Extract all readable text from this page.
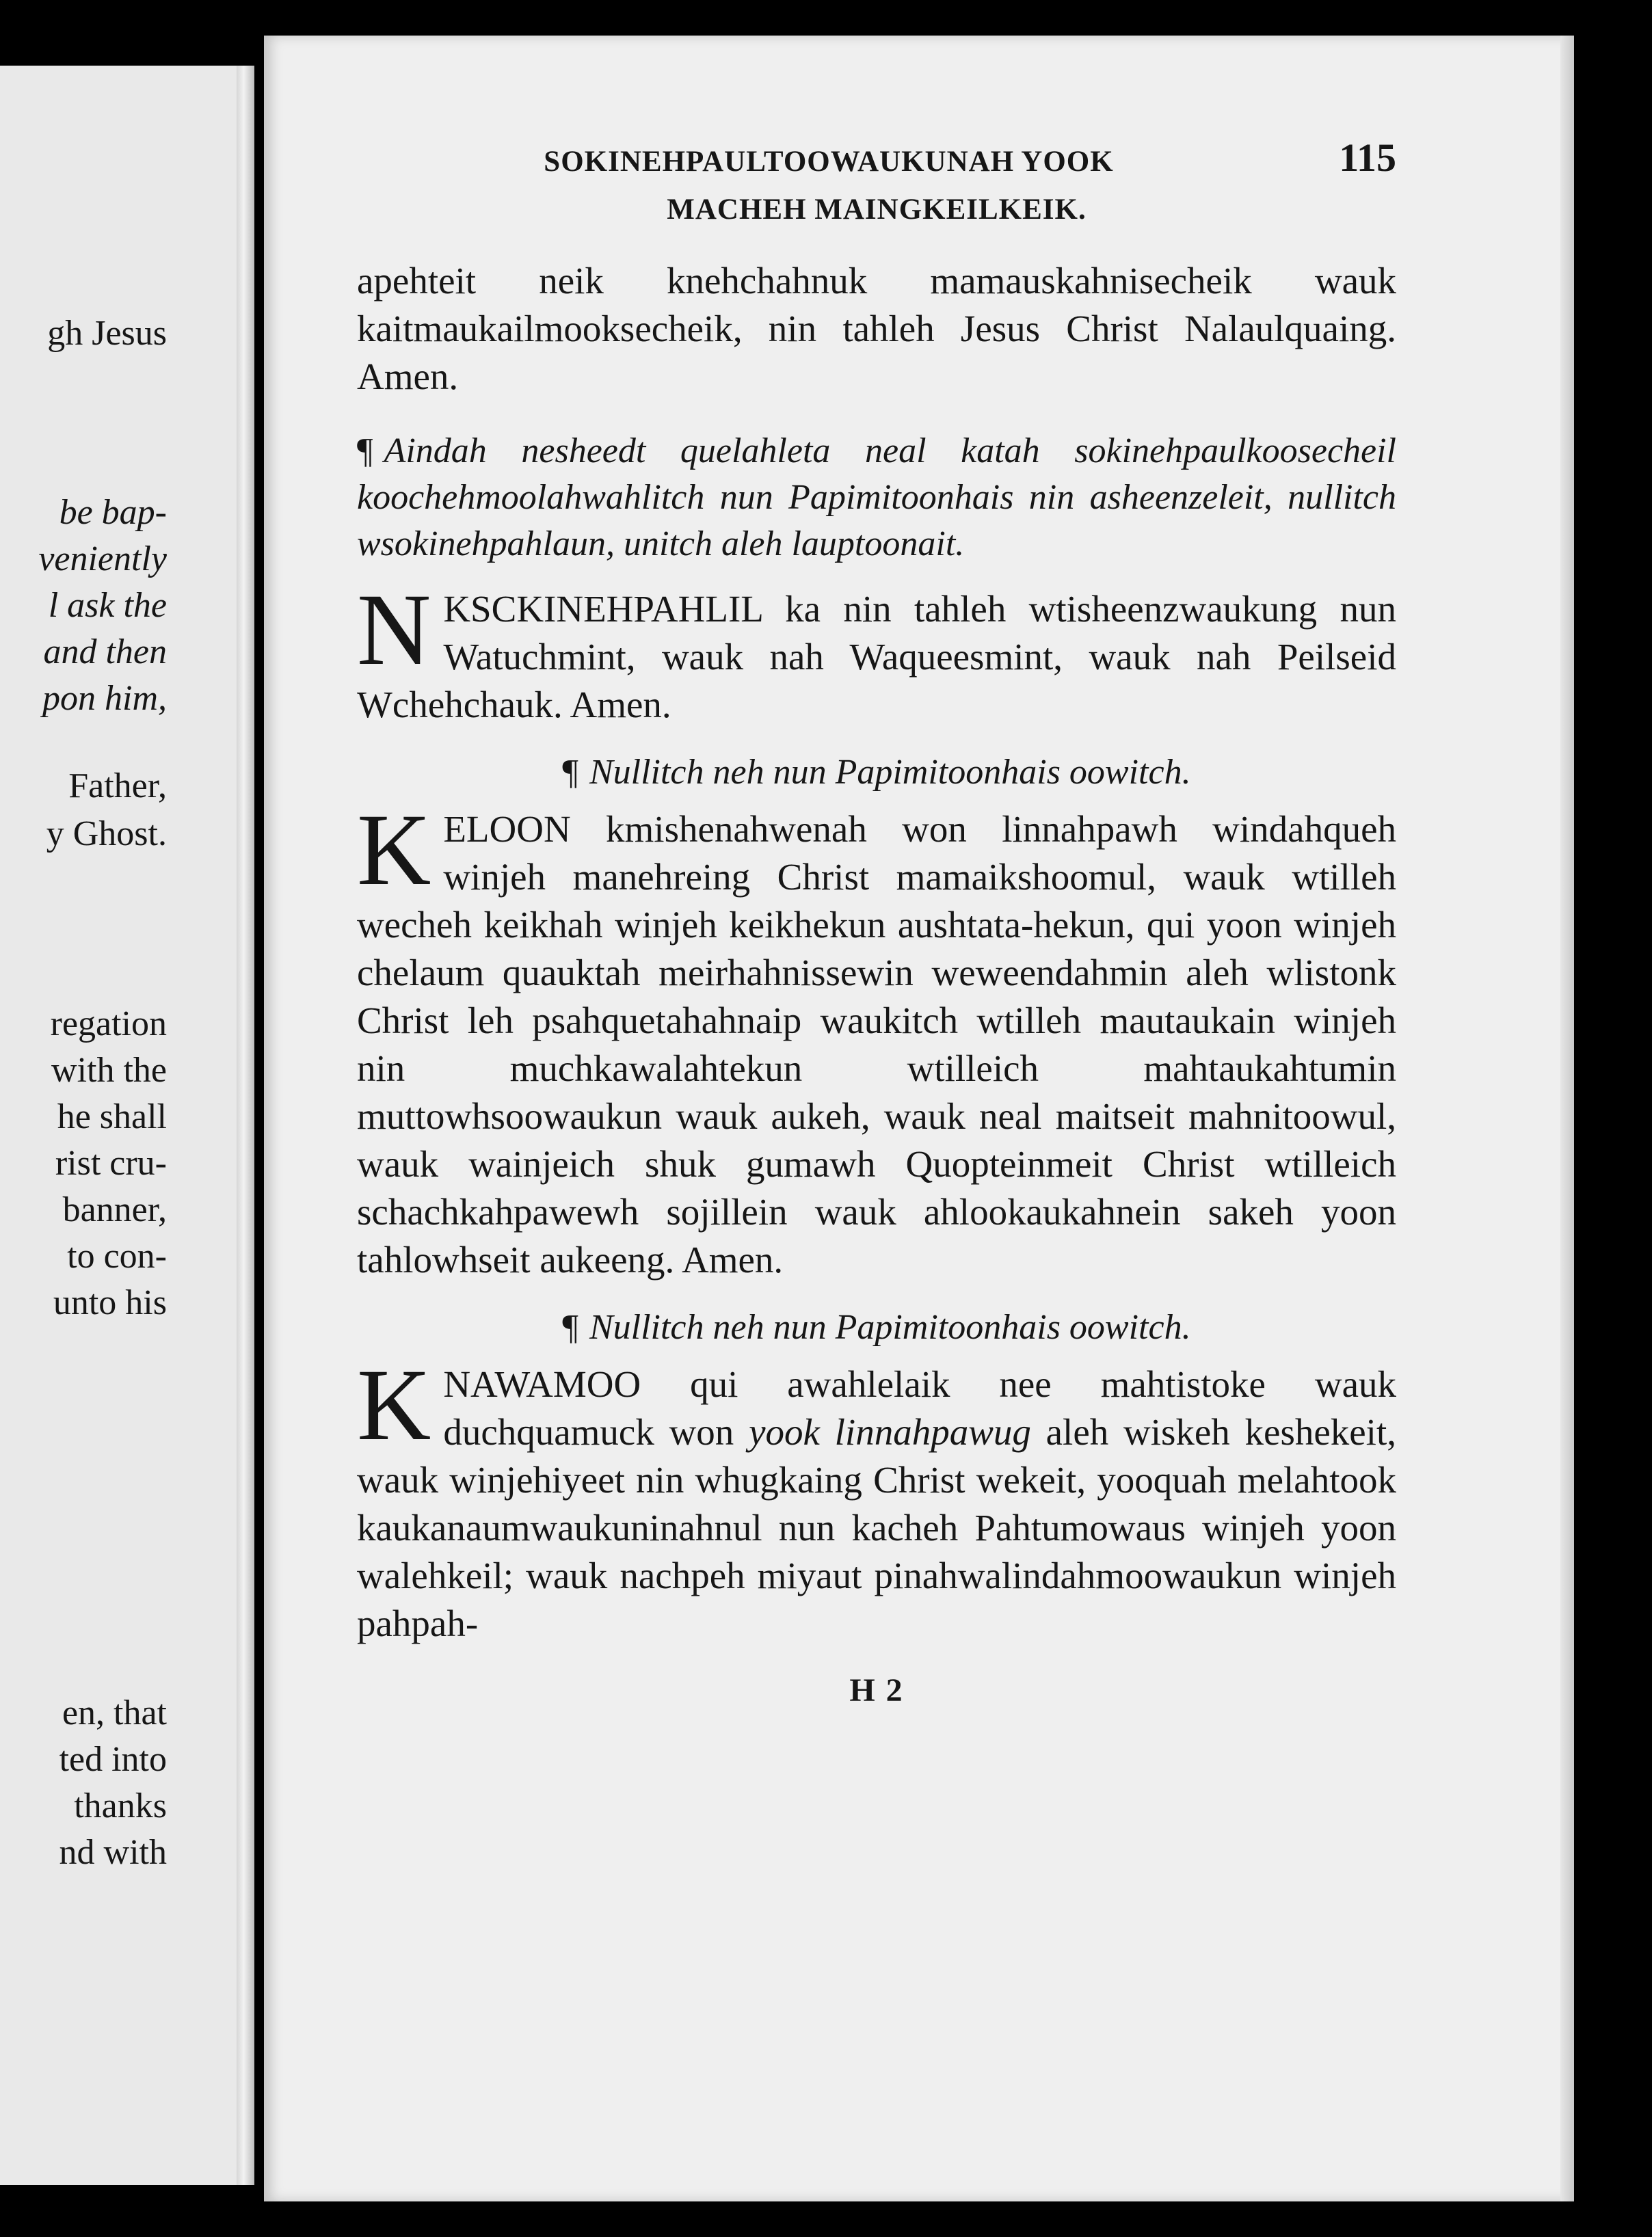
gh Jesus
be bap-
veniently
l ask the
and then
pon him,
Father,
y Ghost.
regation
with the
he shall
rist cru-
banner,
to con-
unto his
en, that
ted into
thanks
nd with
SOKINEHPAULTOOWAUKUNAH YOOK	115
MACHEH MAINGKEILKEIK.

apehteit neik knehchahnuk mamauskahnisecheik wauk kaitmaukailmooksecheik, nin tahleh Jesus Christ Nalaulquaing. Amen.

¶ Aindah nesheedt quelahleta neal katah sokinehpaulkoosecheil koochehmoolahwahlitch nun Papimitoonhais nin asheenzeleit, nullitch wsokinehpahlaun, unitch aleh lauptoonait.

NKSCKINEHPAHLIL ka nin tahleh wtisheenzwaukung nun Watuchmint, wauk nah Waqueesmint, wauk nah Peilseid Wchehchauk. Amen.

¶ Nullitch neh nun Papimitoonhais oowitch.

KELOON kmishenahwenah won linnahpawh windahqueh winjeh manehreing Christ mamaikshoomul, wauk wtilleh wecheh keikhah winjeh keikhekun aushtata-hekun, qui yoon winjeh chelaum quauktah meirhahnissewin weweendahmin aleh wlistonk Christ leh psahquetahahnaip waukitch wtilleh mautaukain winjeh nin muchkawalahtekun wtilleich mahtaukahtumin muttowhsoowaukun wauk aukeh, wauk neal maitseit mahnitoowul, wauk wainjeich shuk gumawh Quopteinmeit Christ wtilleich schachkahpawewh sojillein wauk ahlookaukahnein sakeh yoon tahlowhseit aukeeng. Amen.

¶ Nullitch neh nun Papimitoonhais oowitch.

KNAWAMOO qui awahlelaik nee mahtistoke wauk duchquamuck won yook linnahpawug aleh wiskeh keshekeit, wauk winjehiyeet nin whugkaing Christ wekeit, yooquah melahtook kaukanaumwaukuninahnul nun kacheh Pahtumowaus winjeh yoon walehkeil; wauk nachpeh miyaut pinahwalindahmoowaukun winjeh pahpah-

H 2
